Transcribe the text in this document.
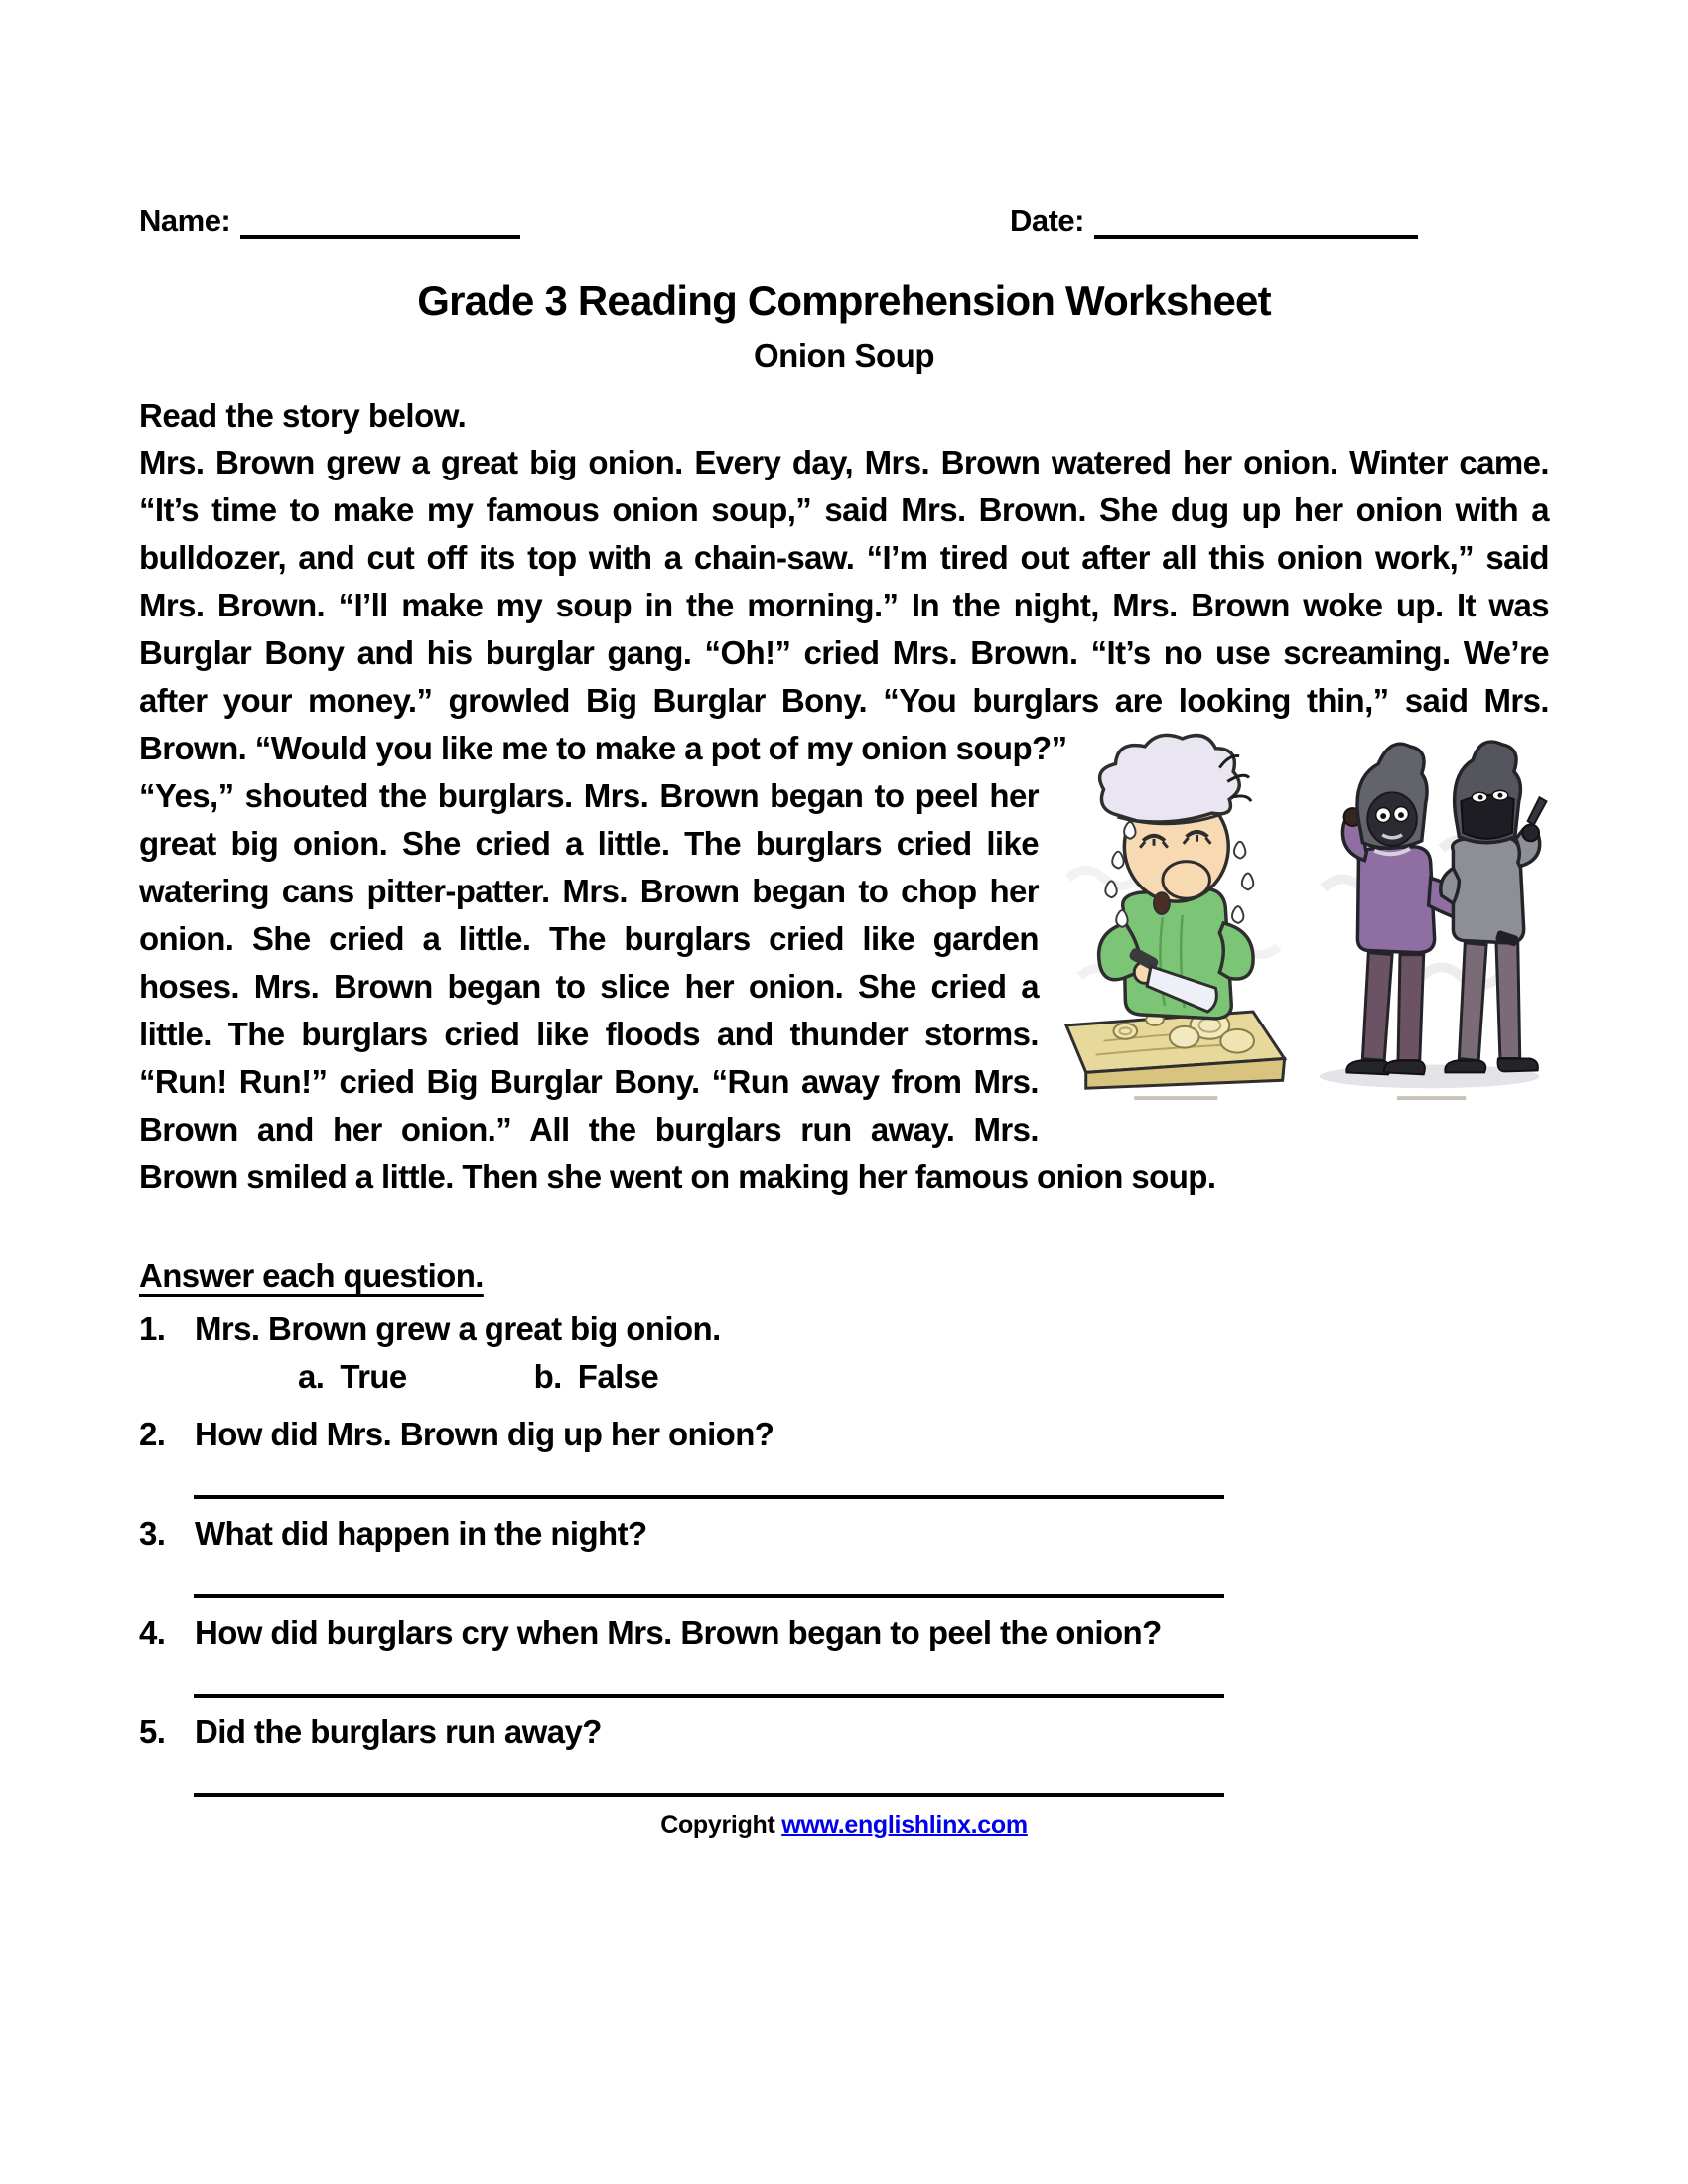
Name:	Date:
Grade 3 Reading Comprehension Worksheet
Onion Soup
Read the story below.

Mrs. Brown grew a great big onion. Every day, Mrs. Brown watered her onion. Winter came. “It’s time to make my famous onion soup,” said Mrs. Brown. She dug up her onion with a bulldozer, and cut off its top with a chain-saw. “I’m tired out after all this onion work,” said Mrs. Brown. “I’ll make my soup in the morning.” In the night, Mrs. Brown woke up. It was Burglar Bony and his burglar gang. “Oh!” cried Mrs. Brown. “It’s no use screaming. We’re after your money.” growled Big Burglar Bony. “You burglars are looking thin,” said Mrs. Brown. “Would you like me to make a pot of my onion soup?”

“Yes,” shouted the burglars. Mrs. Brown began to peel her great big onion. She cried a little. The burglars cried like watering cans pitter-patter. Mrs. Brown began to chop her onion. She cried a little. The burglars cried like garden hoses. Mrs. Brown began to slice her onion. She cried a little. The burglars cried like floods and thunder storms. “Run! Run!” cried Big Burglar Bony. “Run away from Mrs. Brown and her onion.” All the burglars run away. Mrs. Brown smiled a little. Then she went on making her famous onion soup.

Answer each question.
1. Mrs. Brown grew a great big onion.
a. True	b. False
2. How did Mrs. Brown dig up her onion?
3. What did happen in the night?
4. How did burglars cry when Mrs. Brown began to peel the onion?
5. Did the burglars run away?
Copyright www.englishlinx.com
